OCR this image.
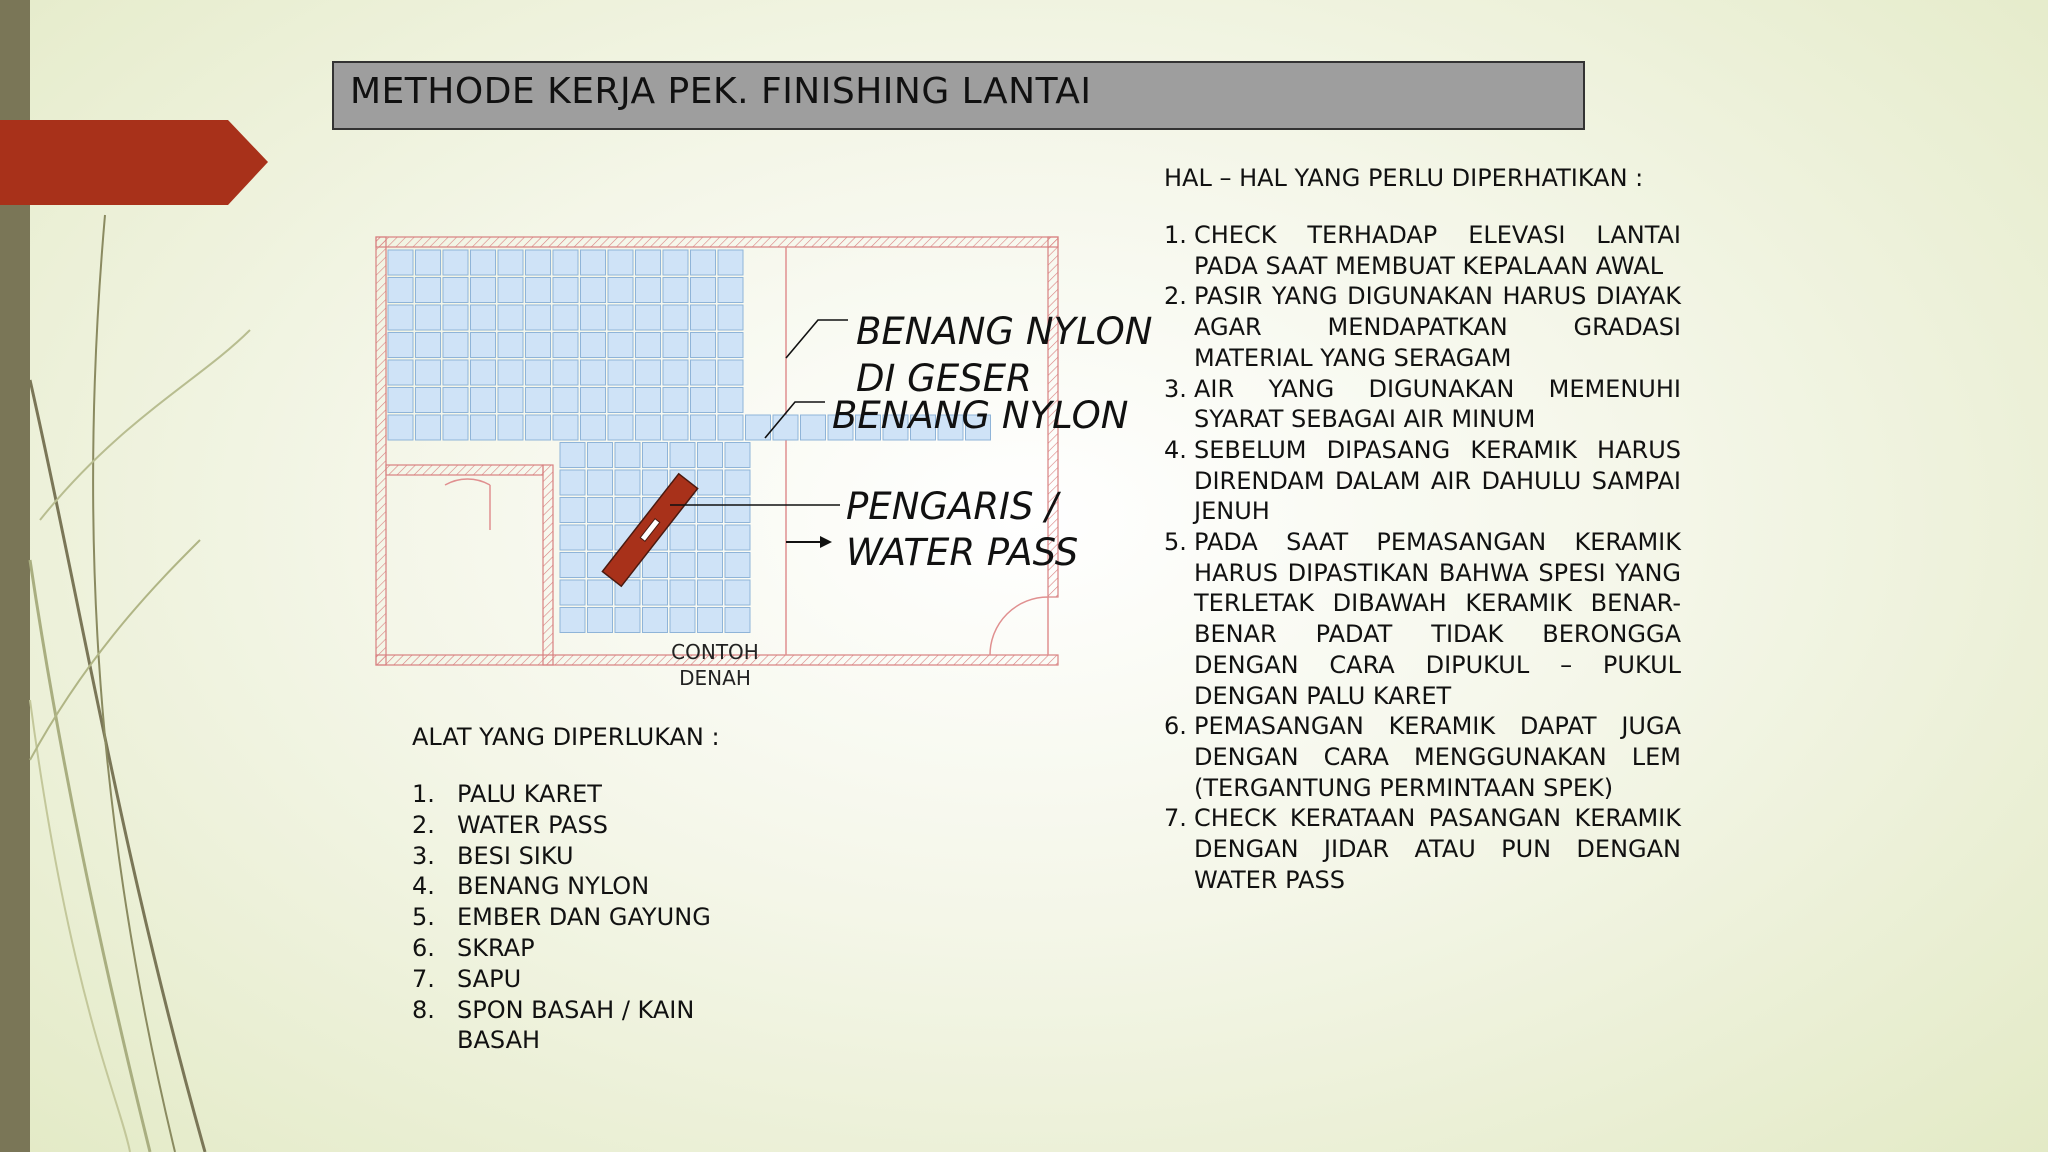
METHODE KERJA PEK. FINISHING LANTAI
BENANG NYLON
DI GESER
BENANG NYLON
PENGARIS /
WATER PASS
CONTOH
DENAH
ALAT YANG DIPERLUKAN :
1. PALU KARET
2. WATER PASS
3. BESI SIKU
4. BENANG NYLON
5. EMBER DAN GAYUNG
6. SKRAP
7. SAPU
8. SPON BASAH / KAIN BASAH
HAL – HAL YANG PERLU DIPERHATIKAN :
1. CHECK TERHADAP ELEVASI LANTAI PADA SAAT MEMBUAT KEPALAAN AWAL
2. PASIR YANG DIGUNAKAN HARUS DIAYAK AGAR MENDAPATKAN GRADASI MATERIAL YANG SERAGAM
3. AIR YANG DIGUNAKAN MEMENUHI SYARAT SEBAGAI AIR MINUM
4. SEBELUM DIPASANG KERAMIK HARUS DIRENDAM DALAM AIR DAHULU SAMPAI JENUH
5. PADA SAAT PEMASANGAN KERAMIK HARUS DIPASTIKAN BAHWA SPESI YANG TERLETAK DIBAWAH KERAMIK BENAR-BENAR PADAT TIDAK BERONGGA DENGAN CARA DIPUKUL – PUKUL DENGAN PALU KARET
6. PEMASANGAN KERAMIK DAPAT JUGA DENGAN CARA MENGGUNAKAN LEM (TERGANTUNG PERMINTAAN SPEK)
7. CHECK KERATAAN PASANGAN KERAMIK DENGAN JIDAR ATAU PUN DENGAN WATER PASS
